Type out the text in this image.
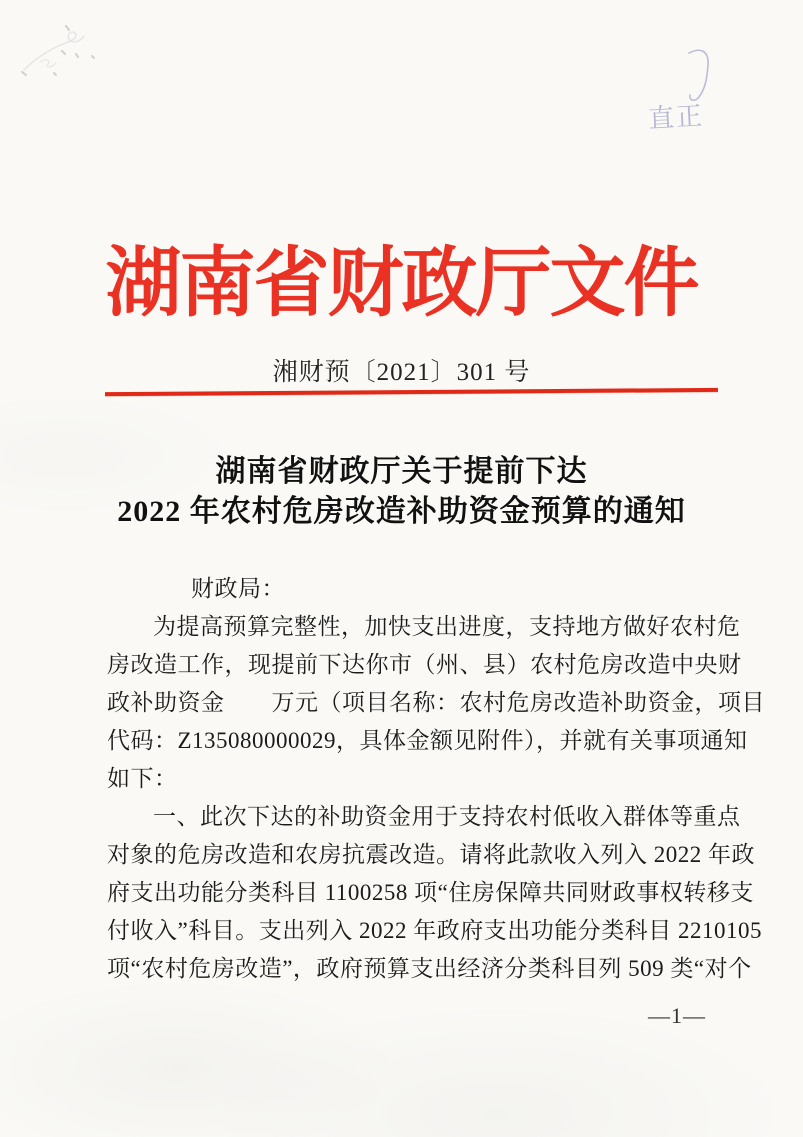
直正
湖南省财政厅文件
湘财预〔2021〕301 号
湖南省财政厅关于提前下达
2022 年农村危房改造补助资金预算的通知
财政局：
为提高预算完整性，加快支出进度，支持地方做好农村危
房改造工作，现提前下达你市（州、县）农村危房改造中央财
政补助资金　　万元（项目名称：农村危房改造补助资金，项目
代码：Z135080000029，具体金额见附件），并就有关事项通知
如下：
一、此次下达的补助资金用于支持农村低收入群体等重点
对象的危房改造和农房抗震改造。请将此款收入列入 2022 年政
府支出功能分类科目 1100258 项“住房保障共同财政事权转移支
付收入”科目。支出列入 2022 年政府支出功能分类科目 2210105
项“农村危房改造”，政府预算支出经济分类科目列 509 类“对个
—1—
